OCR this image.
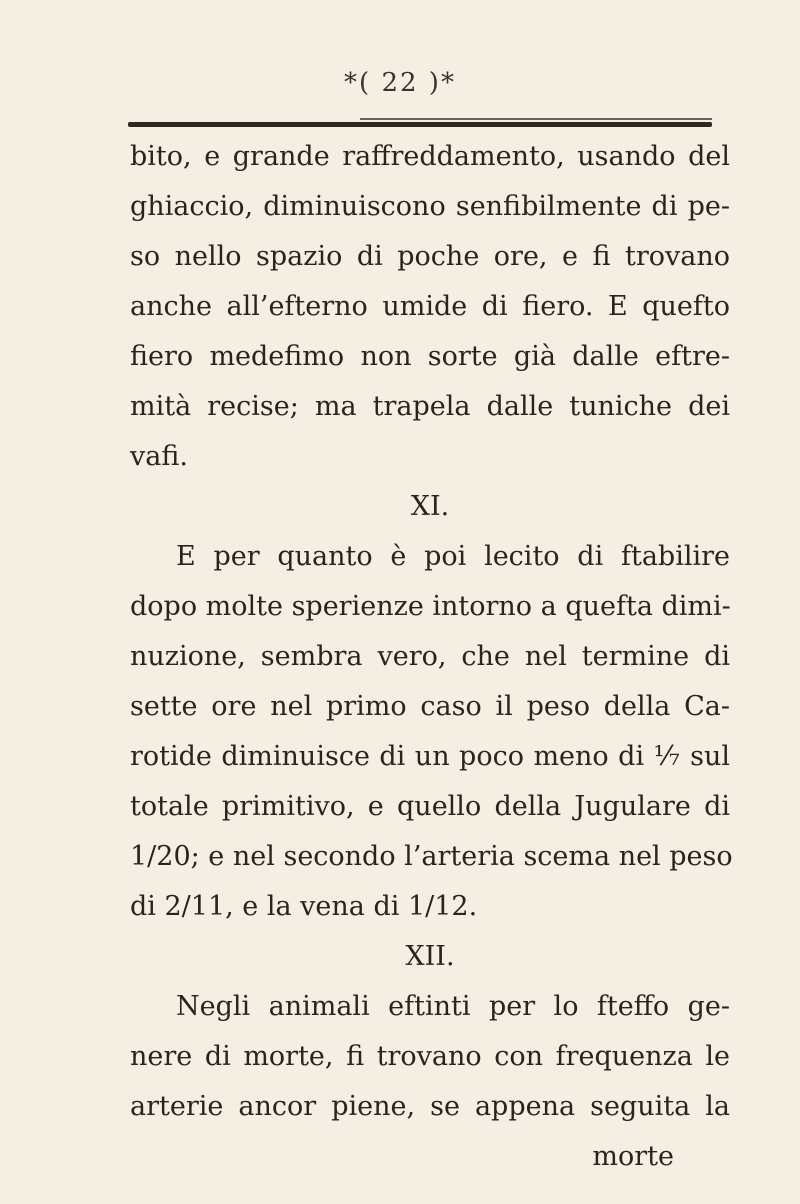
*( 22 )*
bito, e grande raffreddamento, usando del
ghiaccio, diminuiscono senfibilmente di pe-
so nello spazio di poche ore, e fi trovano
anche all’efterno umide di fiero. E quefto
fiero medefimo non sorte già dalle eftre-
mità recise; ma trapela dalle tuniche dei
vafi.
XI.
E per quanto è poi lecito di ftabilire
dopo molte sperienze intorno a quefta dimi-
nuzione, sembra vero, che nel termine di
sette ore nel primo caso il peso della Ca-
rotide diminuisce di un poco meno di ⅐ sul
totale primitivo, e quello della Jugulare di
1/20; e nel secondo l’arteria scema nel peso
di 2/11, e la vena di 1/12.
XII.
Negli animali eftinti per lo fteffo ge-
nere di morte, fi trovano con frequenza le
arterie ancor piene, se appena seguita la
morte
